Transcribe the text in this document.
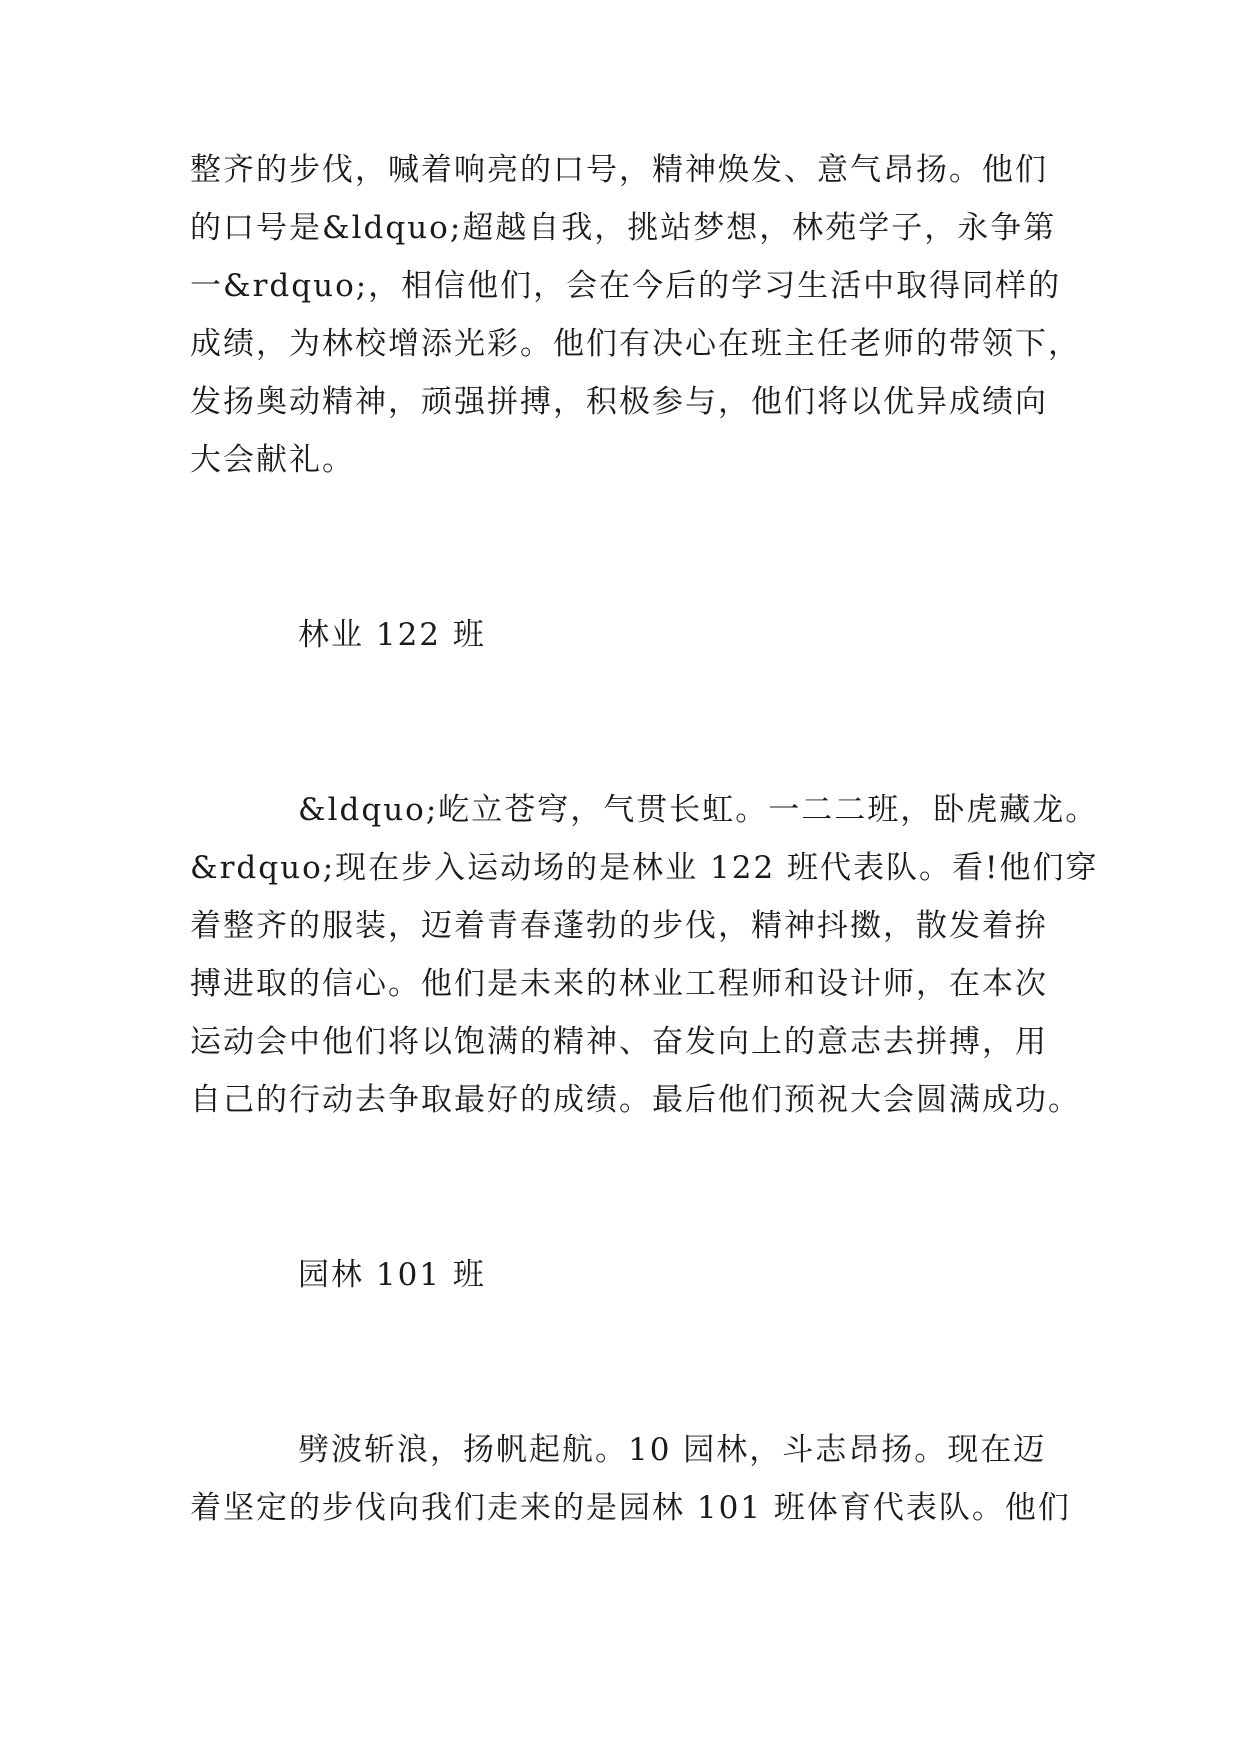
整齐的步伐，喊着响亮的口号，精神焕发、意气昂扬。他们
的口号是&ldquo;超越自我，挑站梦想，林苑学子，永争第
一&rdquo;，相信他们，会在今后的学习生活中取得同样的
成绩，为林校增添光彩。他们有决心在班主任老师的带领下，
发扬奥动精神，顽强拼搏，积极参与，他们将以优异成绩向
大会献礼。
林业 122 班
&ldquo;屹立苍穹，气贯长虹。一二二班，卧虎藏龙。
&rdquo;现在步入运动场的是林业 122 班代表队。看!他们穿
着整齐的服装，迈着青春蓬勃的步伐，精神抖擞，散发着拚
搏进取的信心。他们是未来的林业工程师和设计师，在本次
运动会中他们将以饱满的精神、奋发向上的意志去拼搏，用
自己的行动去争取最好的成绩。最后他们预祝大会圆满成功。
园林 101 班
劈波斩浪，扬帆起航。10 园林，斗志昂扬。现在迈
着坚定的步伐向我们走来的是园林 101 班体育代表队。他们
